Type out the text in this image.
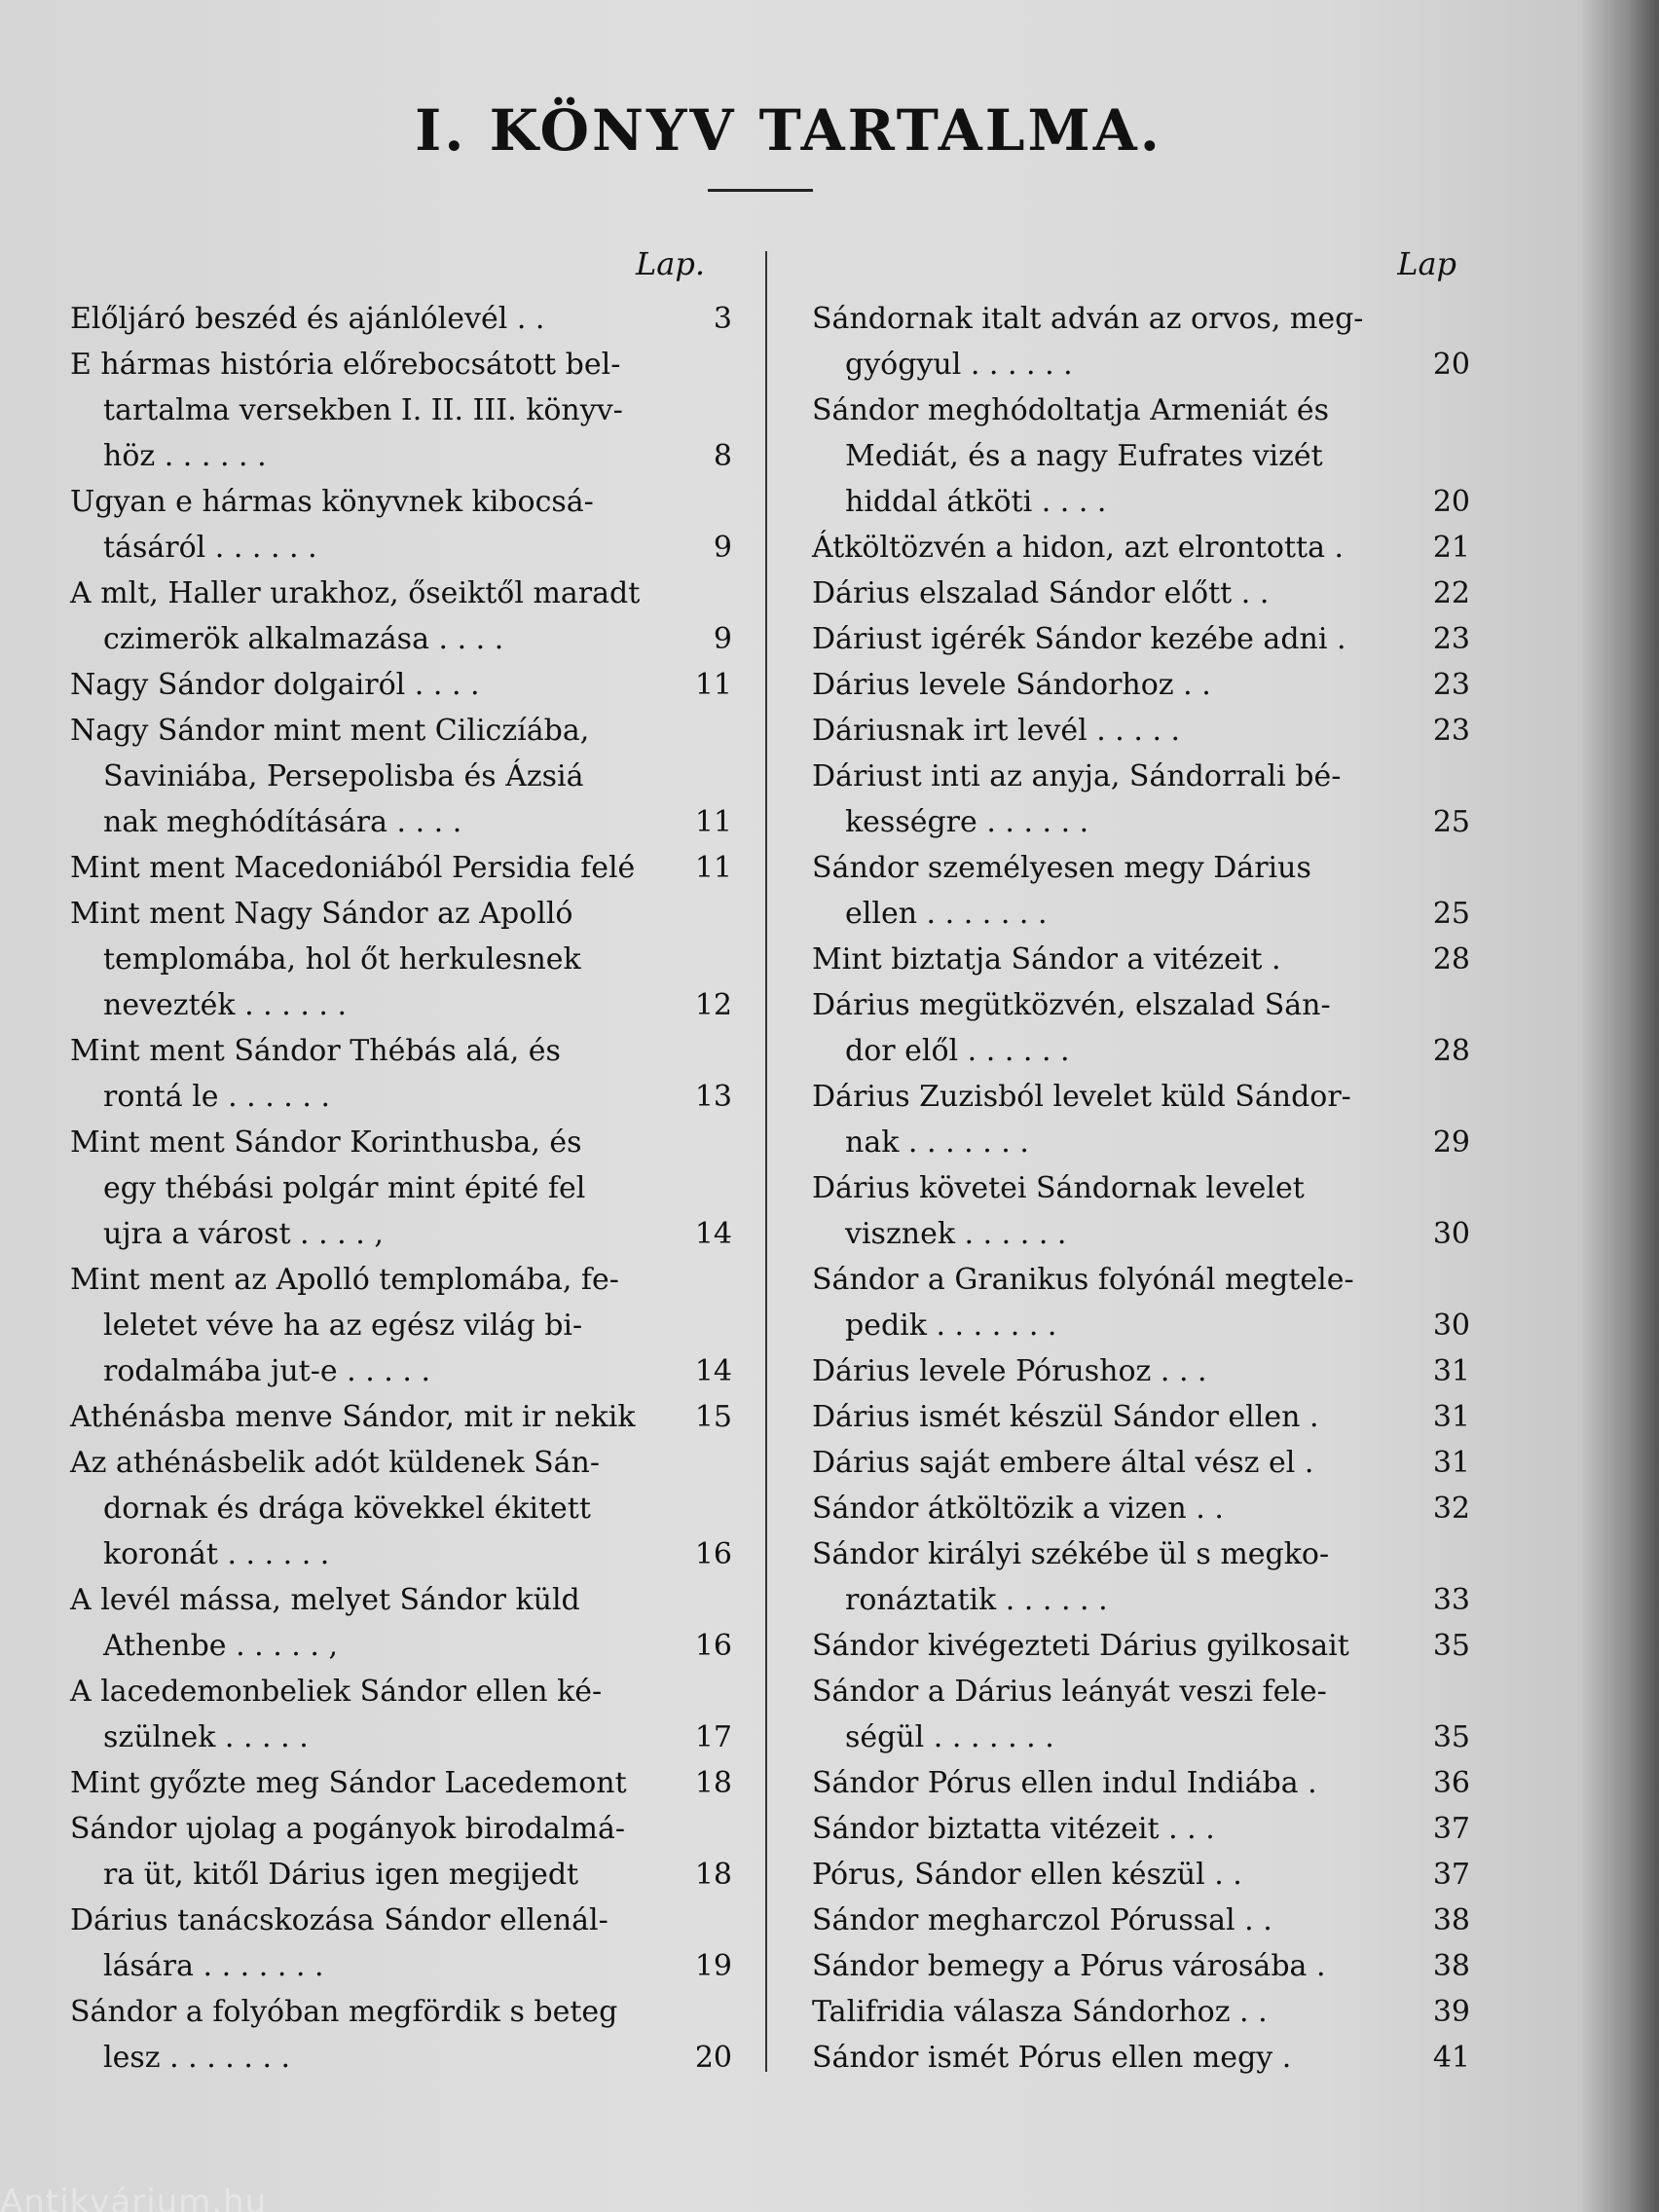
I. KÖNYV TARTALMA.
Lap.
Előljáró beszéd és ajánlólevél . .	3
E hármas história előrebocsátott bel-
tartalma versekben I. II. III. könyv-
höz . . . . . .	8
Ugyan e hármas könyvnek kibocsá-
tásáról . . . . . .	9
A mlt, Haller urakhoz, őseiktől maradt
czimerök alkalmazása . . . .	9
Nagy Sándor dolgairól . . . .	11
Nagy Sándor mint ment Ciliczíába,
Saviniába, Persepolisba és Ázsiá
nak meghódítására . . . .	11
Mint ment Macedoniából Persidia felé	11
Mint ment Nagy Sándor az Apolló
templomába, hol őt herkulesnek
nevezték . . . . . .	12
Mint ment Sándor Thébás alá, és
rontá le . . . . . .	13
Mint ment Sándor Korinthusba, és
egy thébási polgár mint épité fel
ujra a várost . . . . ,	14
Mint ment az Apolló templomába, fe-
leletet véve ha az egész világ bi-
rodalmába jut-e . . . . .	14
Athénásba menve Sándor, mit ir nekik	15
Az athénásbelik adót küldenek Sán-
dornak és drága kövekkel ékitett
koronát . . . . . .	16
A levél mássa, melyet Sándor küld
Athenbe . . . . . ,	16
A lacedemonbeliek Sándor ellen ké-
szülnek . . . . .	17
Mint győzte meg Sándor Lacedemont	18
Sándor ujolag a pogányok birodalmá-
ra üt, kitől Dárius igen megijedt	18
Dárius tanácskozása Sándor ellenál-
lására . . . . . . .	19
Sándor a folyóban megfördik s beteg
lesz . . . . . . .	20
Lap
Sándornak italt adván az orvos, meg-
gyógyul . . . . . .	20
Sándor meghódoltatja Armeniát és
Mediát, és a nagy Eufrates vizét
hiddal átköti . . . .	20
Átköltözvén a hidon, azt elrontotta .	21
Dárius elszalad Sándor előtt . .	22
Dáriust igérék Sándor kezébe adni .	23
Dárius levele Sándorhoz . .	23
Dáriusnak irt levél . . . . .	23
Dáriust inti az anyja, Sándorrali bé-
kességre . . . . . .	25
Sándor személyesen megy Dárius
ellen . . . . . . .	25
Mint biztatja Sándor a vitézeit .	28
Dárius megütközvén, elszalad Sán-
dor elől . . . . . .	28
Dárius Zuzisból levelet küld Sándor-
nak . . . . . . .	29
Dárius követei Sándornak levelet
visznek . . . . . .	30
Sándor a Granikus folyónál megtele-
pedik . . . . . . .	30
Dárius levele Pórushoz . . .	31
Dárius ismét készül Sándor ellen .	31
Dárius saját embere által vész el .	31
Sándor átköltözik a vizen . .	32
Sándor királyi székébe ül s megko-
ronáztatik . . . . . .	33
Sándor kivégezteti Dárius gyilkosait	35
Sándor a Dárius leányát veszi fele-
ségül . . . . . . .	35
Sándor Pórus ellen indul Indiába .	36
Sándor biztatta vitézeit . . .	37
Pórus, Sándor ellen készül . .	37
Sándor megharczol Pórussal . .	38
Sándor bemegy a Pórus városába .	38
Talifridia válasza Sándorhoz . .	39
Sándor ismét Pórus ellen megy .	41
Antikvárium.hu
